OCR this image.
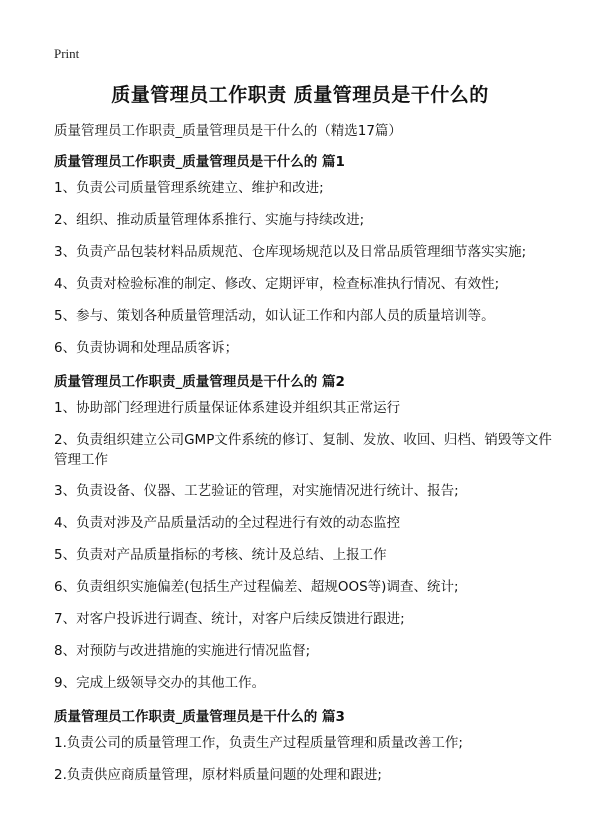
Print
质量管理员工作职责 质量管理员是干什么的

质量管理员工作职责_质量管理员是干什么的（精选17篇）

质量管理员工作职责_质量管理员是干什么的 篇1

1、负责公司质量管理系统建立、维护和改进;

2、组织、推动质量管理体系推行、实施与持续改进;

3、负责产品包装材料品质规范、仓库现场规范以及日常品质管理细节落实实施;

4、负责对检验标准的制定、修改、定期评审，检查标准执行情况、有效性;

5、参与、策划各种质量管理活动，如认证工作和内部人员的质量培训等。

6、负责协调和处理品质客诉；

质量管理员工作职责_质量管理员是干什么的 篇2

1、协助部门经理进行质量保证体系建设并组织其正常运行

2、负责组织建立公司GMP文件系统的修订、复制、发放、收回、归档、销毁等文件管理工作

3、负责设备、仪器、工艺验证的管理，对实施情况进行统计、报告;

4、负责对涉及产品质量活动的全过程进行有效的动态监控

5、负责对产品质量指标的考核、统计及总结、上报工作

6、负责组织实施偏差(包括生产过程偏差、超规OOS等)调查、统计;

7、对客户投诉进行调查、统计，对客户后续反馈进行跟进;

8、对预防与改进措施的实施进行情况监督;

9、完成上级领导交办的其他工作。

质量管理员工作职责_质量管理员是干什么的 篇3

1.负责公司的质量管理工作，负责生产过程质量管理和质量改善工作;

2.负责供应商质量管理，原材料质量问题的处理和跟进;
